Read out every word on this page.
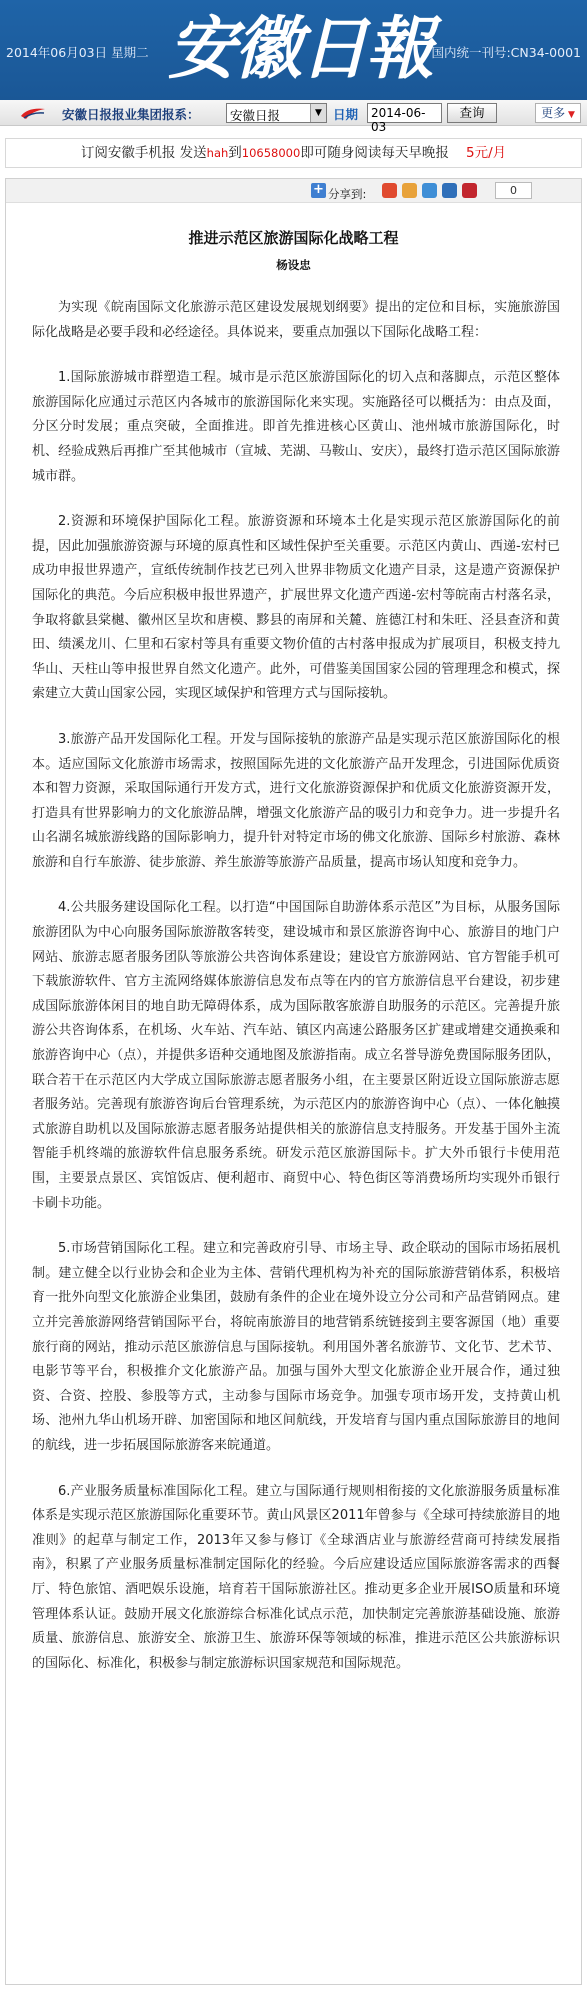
2014年06月03日 星期二 安徽日報 国内统一刊号:CN34-0001
安徽日报报业集团报系：	安徽日报	▼ 日期	2014-06-03
查询	更多 ▼
订阅安徽手机报 发送hah到10658000即可随身阅读每天早晚报 5元/月
+ 分享到:	0
推进示范区旅游国际化战略工程
杨设忠

为实现《皖南国际文化旅游示范区建设发展规划纲要》提出的定位和目标，实施旅游国际化战略是必要手段和必经途径。具体说来，要重点加强以下国际化战略工程：

1.国际旅游城市群塑造工程。城市是示范区旅游国际化的切入点和落脚点，示范区整体旅游国际化应通过示范区内各城市的旅游国际化来实现。实施路径可以概括为：由点及面，分区分时发展；重点突破，全面推进。即首先推进核心区黄山、池州城市旅游国际化，时机、经验成熟后再推广至其他城市（宣城、芜湖、马鞍山、安庆），最终打造示范区国际旅游城市群。

2.资源和环境保护国际化工程。旅游资源和环境本土化是实现示范区旅游国际化的前提，因此加强旅游资源与环境的原真性和区域性保护至关重要。示范区内黄山、西递-宏村已成功申报世界遗产，宣纸传统制作技艺已列入世界非物质文化遗产目录，这是遗产资源保护国际化的典范。今后应积极申报世界遗产，扩展世界文化遗产西递-宏村等皖南古村落名录，争取将歙县棠樾、徽州区呈坎和唐模、黟县的南屏和关麓、旌德江村和朱旺、泾县查济和黄田、绩溪龙川、仁里和石家村等具有重要文物价值的古村落申报成为扩展项目，积极支持九华山、天柱山等申报世界自然文化遗产。此外，可借鉴美国国家公园的管理理念和模式，探索建立大黄山国家公园，实现区域保护和管理方式与国际接轨。

3.旅游产品开发国际化工程。开发与国际接轨的旅游产品是实现示范区旅游国际化的根本。适应国际文化旅游市场需求，按照国际先进的文化旅游产品开发理念，引进国际优质资本和智力资源，采取国际通行开发方式，进行文化旅游资源保护和优质文化旅游资源开发，打造具有世界影响力的文化旅游品牌，增强文化旅游产品的吸引力和竞争力。进一步提升名山名湖名城旅游线路的国际影响力，提升针对特定市场的佛文化旅游、国际乡村旅游、森林旅游和自行车旅游、徒步旅游、养生旅游等旅游产品质量，提高市场认知度和竞争力。

4.公共服务建设国际化工程。以打造“中国国际自助游体系示范区”为目标，从服务国际旅游团队为中心向服务国际旅游散客转变，建设城市和景区旅游咨询中心、旅游目的地门户网站、旅游志愿者服务团队等旅游公共咨询体系建设；建设官方旅游网站、官方智能手机可下载旅游软件、官方主流网络媒体旅游信息发布点等在内的官方旅游信息平台建设，初步建成国际旅游体闲目的地自助无障碍体系，成为国际散客旅游自助服务的示范区。完善提升旅游公共咨询体系，在机场、火车站、汽车站、镇区内高速公路服务区扩建或增建交通换乘和旅游咨询中心（点），并提供多语种交通地图及旅游指南。成立名誉导游免费国际服务团队，联合若干在示范区内大学成立国际旅游志愿者服务小组，在主要景区附近设立国际旅游志愿者服务站。完善现有旅游咨询后台管理系统，为示范区内的旅游咨询中心（点）、一体化触摸式旅游自助机以及国际旅游志愿者服务站提供相关的旅游信息支持服务。开发基于国外主流智能手机终端的旅游软件信息服务系统。研发示范区旅游国际卡。扩大外币银行卡使用范围，主要景点景区、宾馆饭店、便利超市、商贸中心、特色街区等消费场所均实现外币银行卡刷卡功能。

5.市场营销国际化工程。建立和完善政府引导、市场主导、政企联动的国际市场拓展机制。建立健全以行业协会和企业为主体、营销代理机构为补充的国际旅游营销体系，积极培育一批外向型文化旅游企业集团，鼓励有条件的企业在境外设立分公司和产品营销网点。建立并完善旅游网络营销国际平台，将皖南旅游目的地营销系统链接到主要客源国（地）重要旅行商的网站，推动示范区旅游信息与国际接轨。利用国外著名旅游节、文化节、艺术节、电影节等平台，积极推介文化旅游产品。加强与国外大型文化旅游企业开展合作，通过独资、合资、控股、参股等方式，主动参与国际市场竞争。加强专项市场开发，支持黄山机场、池州九华山机场开辟、加密国际和地区间航线，开发培育与国内重点国际旅游目的地间的航线，进一步拓展国际旅游客来皖通道。

6.产业服务质量标准国际化工程。建立与国际通行规则相衔接的文化旅游服务质量标准体系是实现示范区旅游国际化重要环节。黄山风景区2011年曾参与《全球可持续旅游目的地准则》的起草与制定工作，2013年又参与修订《全球酒店业与旅游经营商可持续发展指南》，积累了产业服务质量标准制定国际化的经验。今后应建设适应国际旅游客需求的西餐厅、特色旅馆、酒吧娱乐设施，培育若干国际旅游社区。推动更多企业开展ISO质量和环境管理体系认证。鼓励开展文化旅游综合标准化试点示范，加快制定完善旅游基础设施、旅游质量、旅游信息、旅游安全、旅游卫生、旅游环保等领域的标准，推进示范区公共旅游标识的国际化、标准化，积极参与制定旅游标识国家规范和国际规范。
